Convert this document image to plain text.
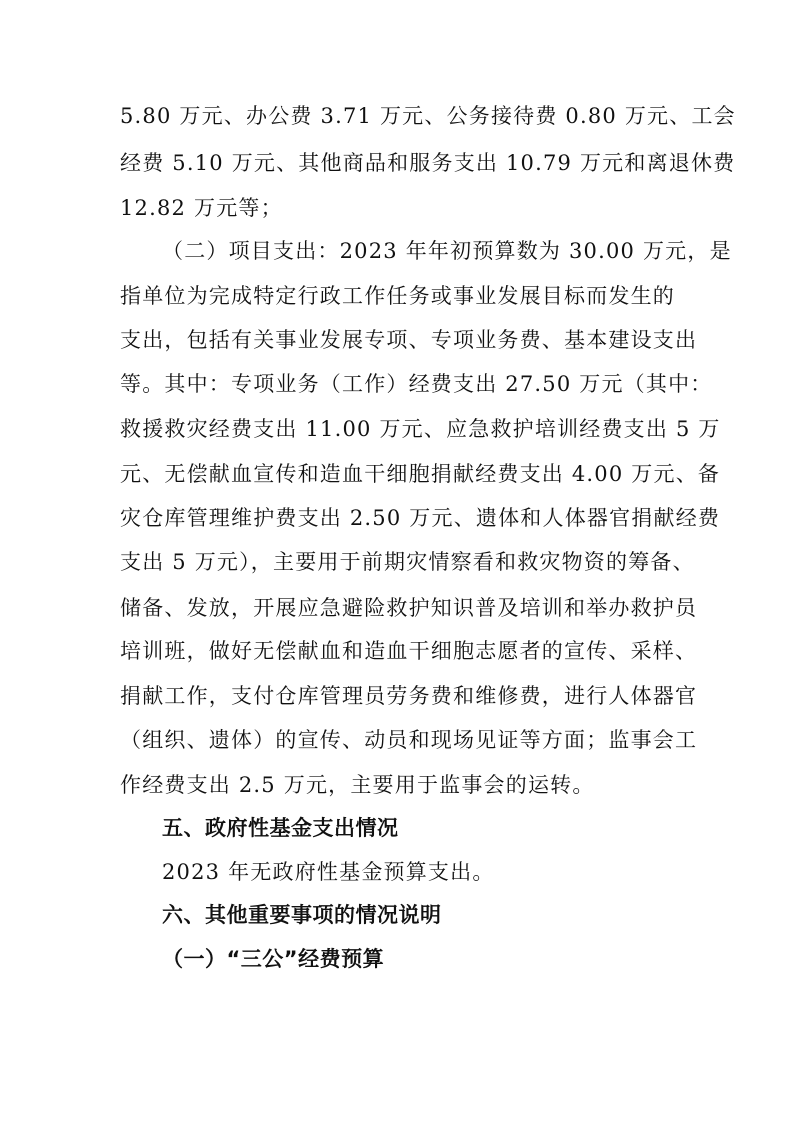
5.80 万元、办公费 3.71 万元、公务接待费 0.80 万元、工会
经费 5.10 万元、其他商品和服务支出 10.79 万元和离退休费
12.82 万元等；
（二）项目支出：2023 年年初预算数为 30.00 万元，是
指单位为完成特定行政工作任务或事业发展目标而发生的
支出，包括有关事业发展专项、专项业务费、基本建设支出
等。其中：专项业务（工作）经费支出 27.50 万元（其中：
救援救灾经费支出 11.00 万元、应急救护培训经费支出 5 万
元、无偿献血宣传和造血干细胞捐献经费支出 4.00 万元、备
灾仓库管理维护费支出 2.50 万元、遗体和人体器官捐献经费
支出 5 万元），主要用于前期灾情察看和救灾物资的筹备、
储备、发放，开展应急避险救护知识普及培训和举办救护员
培训班，做好无偿献血和造血干细胞志愿者的宣传、采样、
捐献工作，支付仓库管理员劳务费和维修费，进行人体器官
（组织、遗体）的宣传、动员和现场见证等方面；监事会工
作经费支出 2.5 万元，主要用于监事会的运转。
五、政府性基金支出情况
2023 年无政府性基金预算支出。
六、其他重要事项的情况说明
（一）“三公”经费预算
